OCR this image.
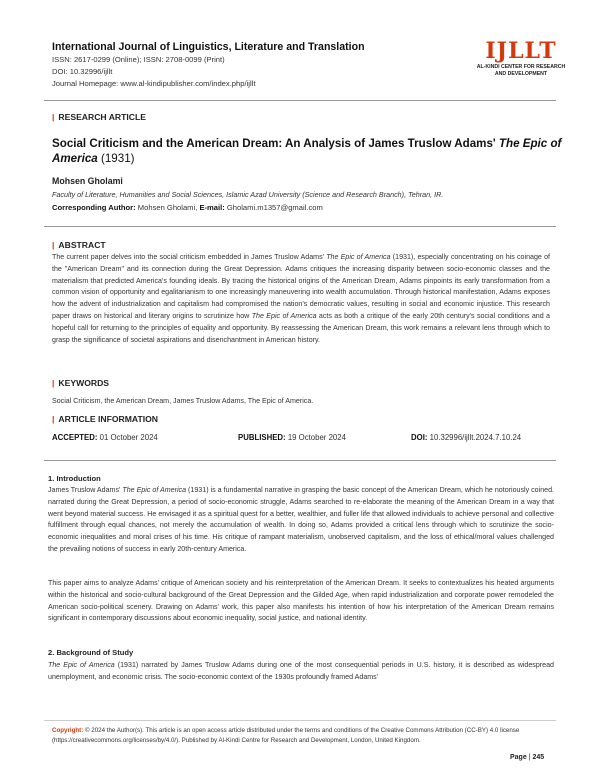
International Journal of Linguistics, Literature and Translation
ISSN: 2617-0299 (Online); ISSN: 2708-0099 (Print)
DOI: 10.32996/ijllt
Journal Homepage: www.al-kindipublisher.com/index.php/ijllt
IJLLT
AL-KINDI CENTER FOR RESEARCH
AND DEVELOPMENT
| RESEARCH ARTICLE
Social Criticism and the American Dream: An Analysis of James Truslow Adams' The Epic of America (1931)
Mohsen Gholami
Faculty of Literature, Humanities and Social Sciences, Islamic Azad University (Science and Research Branch), Tehran, IR.
Corresponding Author: Mohsen Gholami, E-mail: Gholami.m1357@gmail.com
| ABSTRACT
The current paper delves into the social criticism embedded in James Truslow Adams' The Epic of America (1931), especially concentrating on his coinage of the "American Dream" and its connection during the Great Depression. Adams critiques the increasing disparity between socio-economic classes and the materialism that predicted America's founding ideals. By tracing the historical origins of the American Dream, Adams pinpoints its early transformation from a common vision of opportunity and egalitarianism to one increasingly maneuvering into wealth accumulation. Through historical manifestation, Adams exposes how the advent of industrialization and capitalism had compromised the nation's democratic values, resulting in social and economic injustice. This research paper draws on historical and literary origins to scrutinize how The Epic of America acts as both a critique of the early 20th century's social conditions and a hopeful call for returning to the principles of equality and opportunity. By reassessing the American Dream, this work remains a relevant lens through which to grasp the significance of societal aspirations and disenchantment in American history.
| KEYWORDS
Social Criticism, the American Dream, James Truslow Adams, The Epic of America.
| ARTICLE INFORMATION
ACCEPTED: 01 October 2024	PUBLISHED: 19 October 2024	DOI: 10.32996/ijllt.2024.7.10.24
1. Introduction
James Truslow Adams' The Epic of America (1931) is a fundamental narrative in grasping the basic concept of the American Dream, which he notoriously coined. narrated during the Great Depression, a period of socio-economic struggle, Adams searched to re-elaborate the meaning of the American Dream in a way that went beyond material success. He envisaged it as a spiritual quest for a better, wealthier, and fuller life that allowed individuals to achieve personal and collective fulfillment through equal chances, not merely the accumulation of wealth. In doing so, Adams provided a critical lens through which to scrutinize the socio-economic inequalities and moral crises of his time. His critique of rampant materialism, unobserved capitalism, and the loss of ethical/moral values challenged the prevailing notions of success in early 20th-century America.
This paper aims to analyze Adams' critique of American society and his reinterpretation of the American Dream. It seeks to contextualizes his heated arguments within the historical and socio-cultural background of the Great Depression and the Gilded Age, when rapid industrialization and corporate power remodeled the American socio-political scenery. Drawing on Adams' work, this paper also manifests his intention of how his interpretation of the American Dream remains significant in contemporary discussions about economic inequality, social justice, and national identity.
2. Background of Study
The Epic of America (1931) narrated by James Truslow Adams during one of the most consequential periods in U.S. history, it is described as widespread unemployment, and economic crisis. The socio-economic context of the 1930s profoundly framed Adams'
Copyright: © 2024 the Author(s). This article is an open access article distributed under the terms and conditions of the Creative Commons Attribution (CC-BY) 4.0 license (https://creativecommons.org/licenses/by/4.0/). Published by Al-Kindi Centre for Research and Development, London, United Kingdom.
Page | 245
